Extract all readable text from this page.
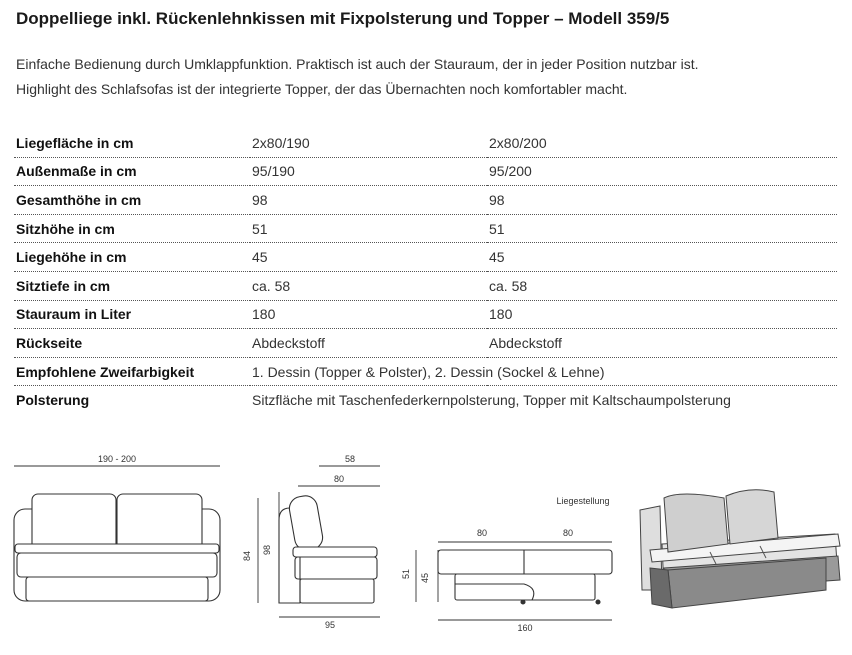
Doppelliege inkl. Rückenlehnkissen mit Fixpolsterung und Topper – Modell 359/5

Einfache Bedienung durch Umklappfunktion. Praktisch ist auch der Stauraum, der in jeder Position nutzbar ist.

Highlight des Schlafsofas ist der integrierte Topper, der das Übernachten noch komfortabler macht.

Liegefläche in cm	2x80/190	2x80/200
Außenmaße in cm	95/190	95/200
Gesamthöhe in cm	98	98
Sitzhöhe in cm	51	51
Liegehöhe in cm	45	45
Sitztiefe in cm	ca. 58	ca. 58
Stauraum in Liter	180	180
Rückseite	Abdeckstoff	Abdeckstoff
Empfohlene Zweifarbigkeit	1. Dessin (Topper & Polster), 2. Dessin (Sockel & Lehne)	
Polsterung	Sitzfläche mit Taschenfederkernpolsterung, Topper mit Kaltschaumpolsterung	
190 - 200	58
80
98
84
95
Liegestellung
80	80
51 45
160
